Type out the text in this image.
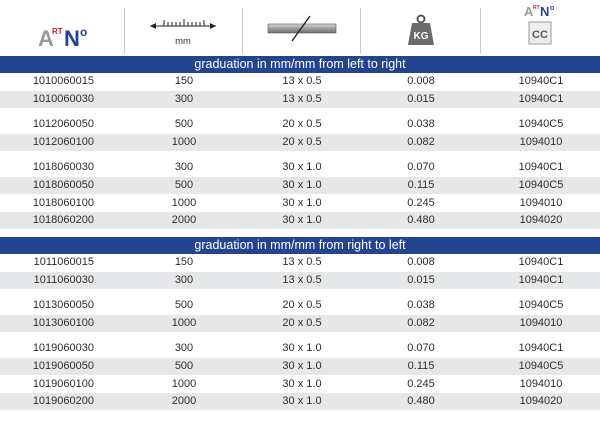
A
RT N o
mm	KG
A RT N o
CC
graduation in mm/mm from left to right
1010060015	150	13 x 0.5	0.008	10940C1
1010060030	300	13 x 0.5	0.015	10940C1
1012060050	500	20 x 0.5	0.038	10940C5
1012060100	1000	20 x 0.5	0.082	1094010
1018060030	300	30 x 1.0	0.070	10940C1
1018060050	500	30 x 1.0	0.115	10940C5
1018060100	1000	30 x 1.0	0.245	1094010
1018060200	2000	30 x 1.0	0.480	1094020
graduation in mm/mm from right to left
1011060015	150	13 x 0.5	0.008	10940C1
1011060030	300	13 x 0.5	0.015	10940C1
1013060050	500	20 x 0.5	0.038	10940C5
1013060100	1000	20 x 0.5	0.082	1094010
1019060030	300	30 x 1.0	0.070	10940C1
1019060050	500	30 x 1.0	0.115	10940C5
1019060100	1000	30 x 1.0	0.245	1094010
1019060200	2000	30 x 1.0	0.480	1094020
